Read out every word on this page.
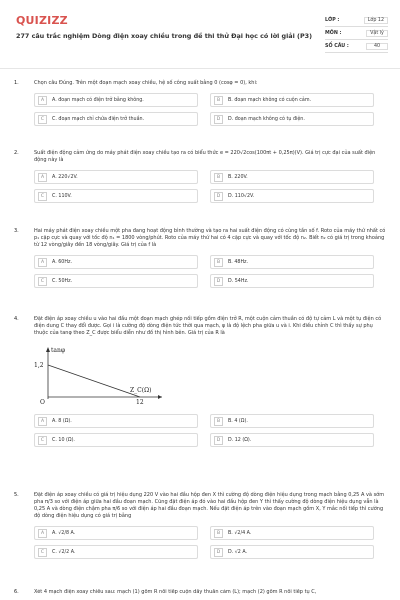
QUIZIZZ
277 câu trắc nghiệm Dòng điện xoay chiều trong đề thi thử Đại học có lời giải (P3)
LỚP :	Lớp 12
MÔN :	Vật lý
SỐ CÂU :	40
1.	Chọn câu Đúng. Trên một đoạn mạch xoay chiều, hệ số công suất bằng 0 (cosφ = 0), khi:
A	A. đoạn mạch có điện trở bằng không.	B	B. đoạn mạch không có cuộn cảm.
C	C. đoạn mạch chỉ chứa điện trở thuần.	D	D. đoạn mạch không có tụ điện.
2.	Suất điện động cảm ứng do máy phát điện xoay chiều tạo ra có biểu thức e = 220√2cos(100πt + 0,25π)(V). Giá trị cực đại của suất điện động này là
A	A. 220√2V.	B	B. 220V.
C	C. 110V.	D	D. 110√2V.
3.	Hai máy phát điện xoay chiều một pha đang hoạt động bình thường và tạo ra hai suất điện động có cùng tần số f. Roto của máy thứ nhất có p₁ cặp cực và quay với tốc độ n₁ = 1800 vòng/phút. Roto của máy thứ hai có 4 cặp cực và quay với tốc độ n₂. Biết n₂ có giá trị trong khoảng từ 12 vòng/giây đến 18 vòng/giây. Giá trị của f là
A	A. 60Hz.	B	B. 48Hz.
C	C. 50Hz.	D	D. 54Hz.
4.	Đặt điện áp xoay chiều u vào hai đầu một đoạn mạch ghép nối tiếp gồm điện trở R, một cuộn cảm thuần có độ tự cảm L và một tụ điện có điện dung C thay đổi được. Gọi i là cường độ dòng điện tức thời qua mạch, φ là độ lệch pha giữa u và i. Khi điều chỉnh C thì thấy sự phụ thuộc của tanφ theo Z_C được biểu diễn như đồ thị hình bên. Giá trị của R là
tanφ
1,2
Z_C(Ω)
12
O
A	A. 8 (Ω).	B	B. 4 (Ω).
C	C. 10 (Ω).	D	D. 12 (Ω).
5.	Đặt điện áp xoay chiều có giá trị hiệu dụng 220 V vào hai đầu hộp đen X thì cường độ dòng điện hiệu dụng trong mạch bằng 0,25 A và sớm pha π/3 so với điện áp giữa hai đầu đoạn mạch. Cũng đặt điện áp đó vào hai đầu hộp đen Y thì thấy cường độ dòng điện hiệu dụng vẫn là 0,25 A và dòng điện chậm pha π/6 so với điện áp hai đầu đoạn mạch. Nếu đặt điện áp trên vào đoạn mạch gồm X, Y mắc nối tiếp thì cường độ dòng điện hiệu dụng có giá trị bằng
A	A. √2/8 A.	B	B. √2/4 A.
C	C. √2/2 A.	D	D. √2 A.
6.	Xét 4 mạch điện xoay chiều sau: mạch (1) gồm R nối tiếp cuộn dây thuần cảm (L); mạch (2) gồm R nối tiếp tụ C,
